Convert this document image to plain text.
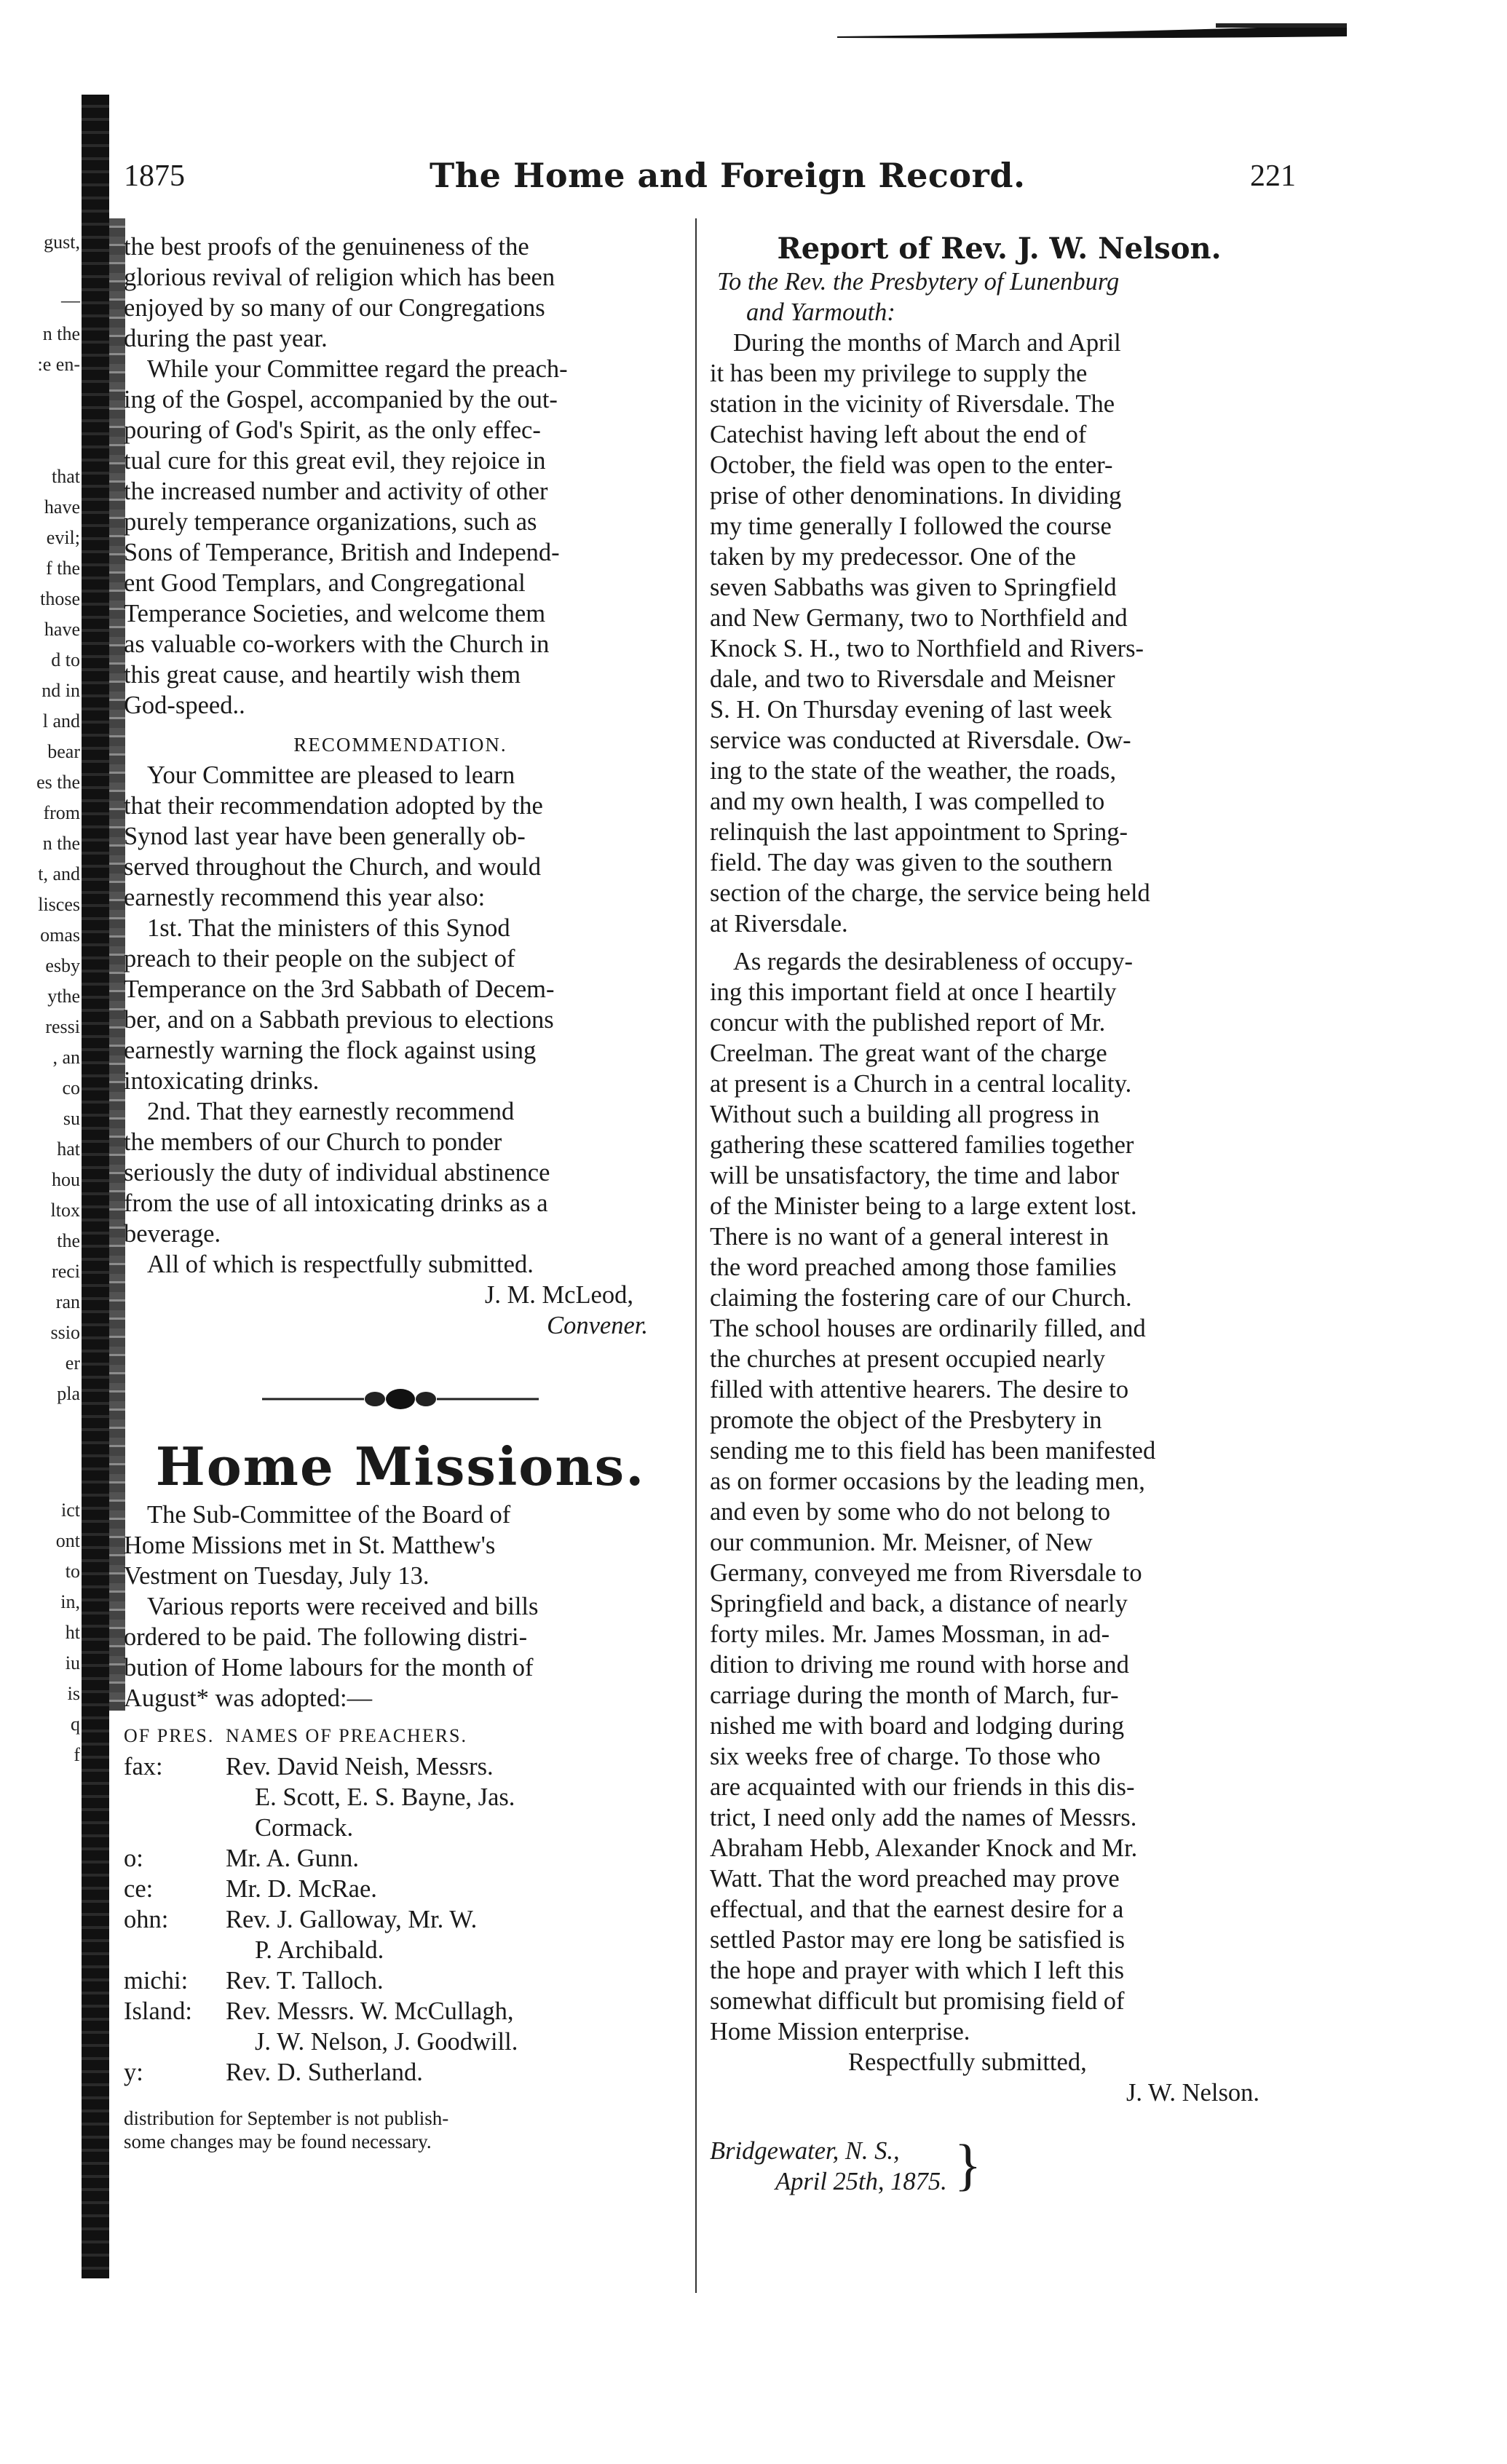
gust,
—
n the
:e en-
that
have
evil;
f the
those
have
d to
nd in
l and
bear
es the
from
n the
t, and
lisces
omas
esby
ythe
ressi
, an
co
su
hat
hou
ltox
the
reci
ran
ssio
er
pla
ict
ont
to
in,
ht
iu
is
q
f
1875	The Home and Foreign Record.	221

the best proofs of the genuineness of the

glorious revival of religion which has been

enjoyed by so many of our Congregations

during the past year.

While your Committee regard the preach-

ing of the Gospel, accompanied by the out-

pouring of God's Spirit, as the only effec-

tual cure for this great evil, they rejoice in

the increased number and activity of other

purely temperance organizations, such as

Sons of Temperance, British and Independ-

ent Good Templars, and Congregational

Temperance Societies, and welcome them

as valuable co-workers with the Church in

this great cause, and heartily wish them

God-speed..

RECOMMENDATION.

Your Committee are pleased to learn

that their recommendation adopted by the

Synod last year have been generally ob-

served throughout the Church, and would

earnestly recommend this year also:

1st. That the ministers of this Synod

preach to their people on the subject of

Temperance on the 3rd Sabbath of Decem-

ber, and on a Sabbath previous to elections

earnestly warning the flock against using

intoxicating drinks.

2nd. That they earnestly recommend

the members of our Church to ponder

seriously the duty of individual abstinence

from the use of all intoxicating drinks as a

beverage.

All of which is respectfully submitted.

J. M. McLeod,

Convener.

Home Missions.

The Sub-Committee of the Board of

Home Missions met in St. Matthew's

Vestment on Tuesday, July 13.

Various reports were received and bills

ordered to be paid. The following distri-

bution of Home labours for the month of

August* was adopted:—

OF PRES. NAMES OF PREACHERS.
fax:	Rev. David Neish, Messrs.
E. Scott, E. S. Bayne, Jas.
Cormack.
o:	Mr. A. Gunn.
ce:	Mr. D. McRae.
ohn:	Rev. J. Galloway, Mr. W.
P. Archibald.
michi:	Rev. T. Talloch.
Island:	Rev. Messrs. W. McCullagh,
J. W. Nelson, J. Goodwill.
y:	Rev. D. Sutherland.

distribution for September is not publish-

some changes may be found necessary.

Report of Rev. J. W. Nelson.

To the Rev. the Presbytery of Lunenburg

and Yarmouth:

During the months of March and April

it has been my privilege to supply the

station in the vicinity of Riversdale. The

Catechist having left about the end of

October, the field was open to the enter-

prise of other denominations. In dividing

my time generally I followed the course

taken by my predecessor. One of the

seven Sabbaths was given to Springfield

and New Germany, two to Northfield and

Knock S. H., two to Northfield and Rivers-

dale, and two to Riversdale and Meisner

S. H. On Thursday evening of last week

service was conducted at Riversdale. Ow-

ing to the state of the weather, the roads,

and my own health, I was compelled to

relinquish the last appointment to Spring-

field. The day was given to the southern

section of the charge, the service being held

at Riversdale.

As regards the desirableness of occupy-

ing this important field at once I heartily

concur with the published report of Mr.

Creelman. The great want of the charge

at present is a Church in a central locality.

Without such a building all progress in

gathering these scattered families together

will be unsatisfactory, the time and labor

of the Minister being to a large extent lost.

There is no want of a general interest in

the word preached among those families

claiming the fostering care of our Church.

The school houses are ordinarily filled, and

the churches at present occupied nearly

filled with attentive hearers. The desire to

promote the object of the Presbytery in

sending me to this field has been manifested

as on former occasions by the leading men,

and even by some who do not belong to

our communion. Mr. Meisner, of New

Germany, conveyed me from Riversdale to

Springfield and back, a distance of nearly

forty miles. Mr. James Mossman, in ad-

dition to driving me round with horse and

carriage during the month of March, fur-

nished me with board and lodging during

six weeks free of charge. To those who

are acquainted with our friends in this dis-

trict, I need only add the names of Messrs.

Abraham Hebb, Alexander Knock and Mr.

Watt. That the word preached may prove

effectual, and that the earnest desire for a

settled Pastor may ere long be satisfied is

the hope and prayer with which I left this

somewhat difficult but promising field of

Home Mission enterprise.

Respectfully submitted,

J. W. Nelson.

Bridgewater, N. S.,

April 25th, 1875. }
